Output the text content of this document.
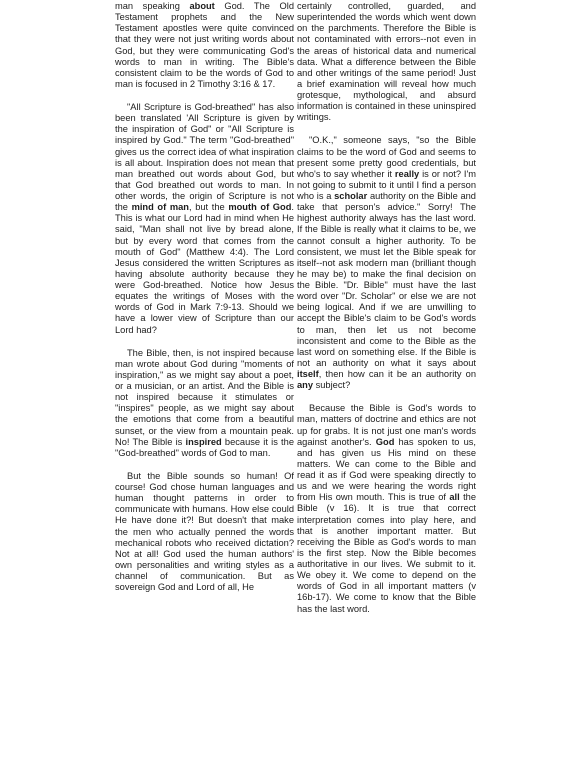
man speaking about God. The Old Testament prophets and the New Testament apostles were quite convinced that they were not just writing words about God, but they were communicating God's words to man in writing. The Bible's consistent claim to be the words of God to man is focused in 2 Timothy 3:16 & 17.

"All Scripture is God-breathed" has also been translated 'All Scripture is given by the inspiration of God" or "All Scripture is inspired by God." The term "God-breathed" gives us the correct idea of what inspiration is all about. Inspiration does not mean that man breathed out words about God, but that God breathed out words to man. In other words, the origin of Scripture is not the mind of man, but the mouth of God. This is what our Lord had in mind when He said, "Man shall not live by bread alone, but by every word that comes from the mouth of God" (Matthew 4:4). The Lord Jesus considered the written Scriptures as having absolute authority because they were God-breathed. Notice how Jesus equates the writings of Moses with the words of God in Mark 7:9-13. Should we have a lower view of Scripture than our Lord had?

The Bible, then, is not inspired because man wrote about God during "moments of inspiration," as we might say about a poet, or a musician, or an artist. And the Bible is not inspired because it stimulates or "inspires" people, as we might say about the emotions that come from a beautiful sunset, or the view from a mountain peak. No! The Bible is inspired because it is the "God-breathed" words of God to man.

But the Bible sounds so human! Of course! God chose human languages and human thought patterns in order to communicate with humans. How else could He have done it?! But doesn't that make the men who actually penned the words mechanical robots who received dictation? Not at all! God used the human authors' own personalities and writing styles as a channel of communication. But as sovereign God and Lord of all, He

certainly controlled, guarded, and superintended the words which went down on the parchments. Therefore the Bible is not contaminated with errors--not even in the areas of historical data and numerical data. What a difference between the Bible and other writings of the same period! Just a brief examination will reveal how much grotesque, mythological, and absurd information is contained in these uninspired writings.

"O.K.," someone says, "so the Bible claims to be the word of God and seems to present some pretty good credentials, but who's to say whether it really is or not? I'm not going to submit to it until I find a person who is a scholar authority on the Bible and take that person's advice." Sorry! The highest authority always has the last word. If the Bible is really what it claims to be, we cannot consult a higher authority. To be consistent, we must let the Bible speak for itself--not ask modern man (brilliant though he may be) to make the final decision on the Bible. "Dr. Bible" must have the last word over "Dr. Scholar" or else we are not being logical. And if we are unwilling to accept the Bible's claim to be God's words to man, then let us not become inconsistent and come to the Bible as the last word on something else. If the Bible is not an authority on what it says about itself, then how can it be an authority on any subject?

Because the Bible is God's words to man, matters of doctrine and ethics are not up for grabs. It is not just one man's words against another's. God has spoken to us, and has given us His mind on these matters. We can come to the Bible and read it as if God were speaking directly to us and we were hearing the words right from His own mouth. This is true of all the Bible (v 16). It is true that correct interpretation comes into play here, and that is another important matter. But receiving the Bible as God's words to man is the first step. Now the Bible becomes authoritative in our lives. We submit to it. We obey it. We come to depend on the words of God in all important matters (v 16b-17). We come to know that the Bible has the last word.
